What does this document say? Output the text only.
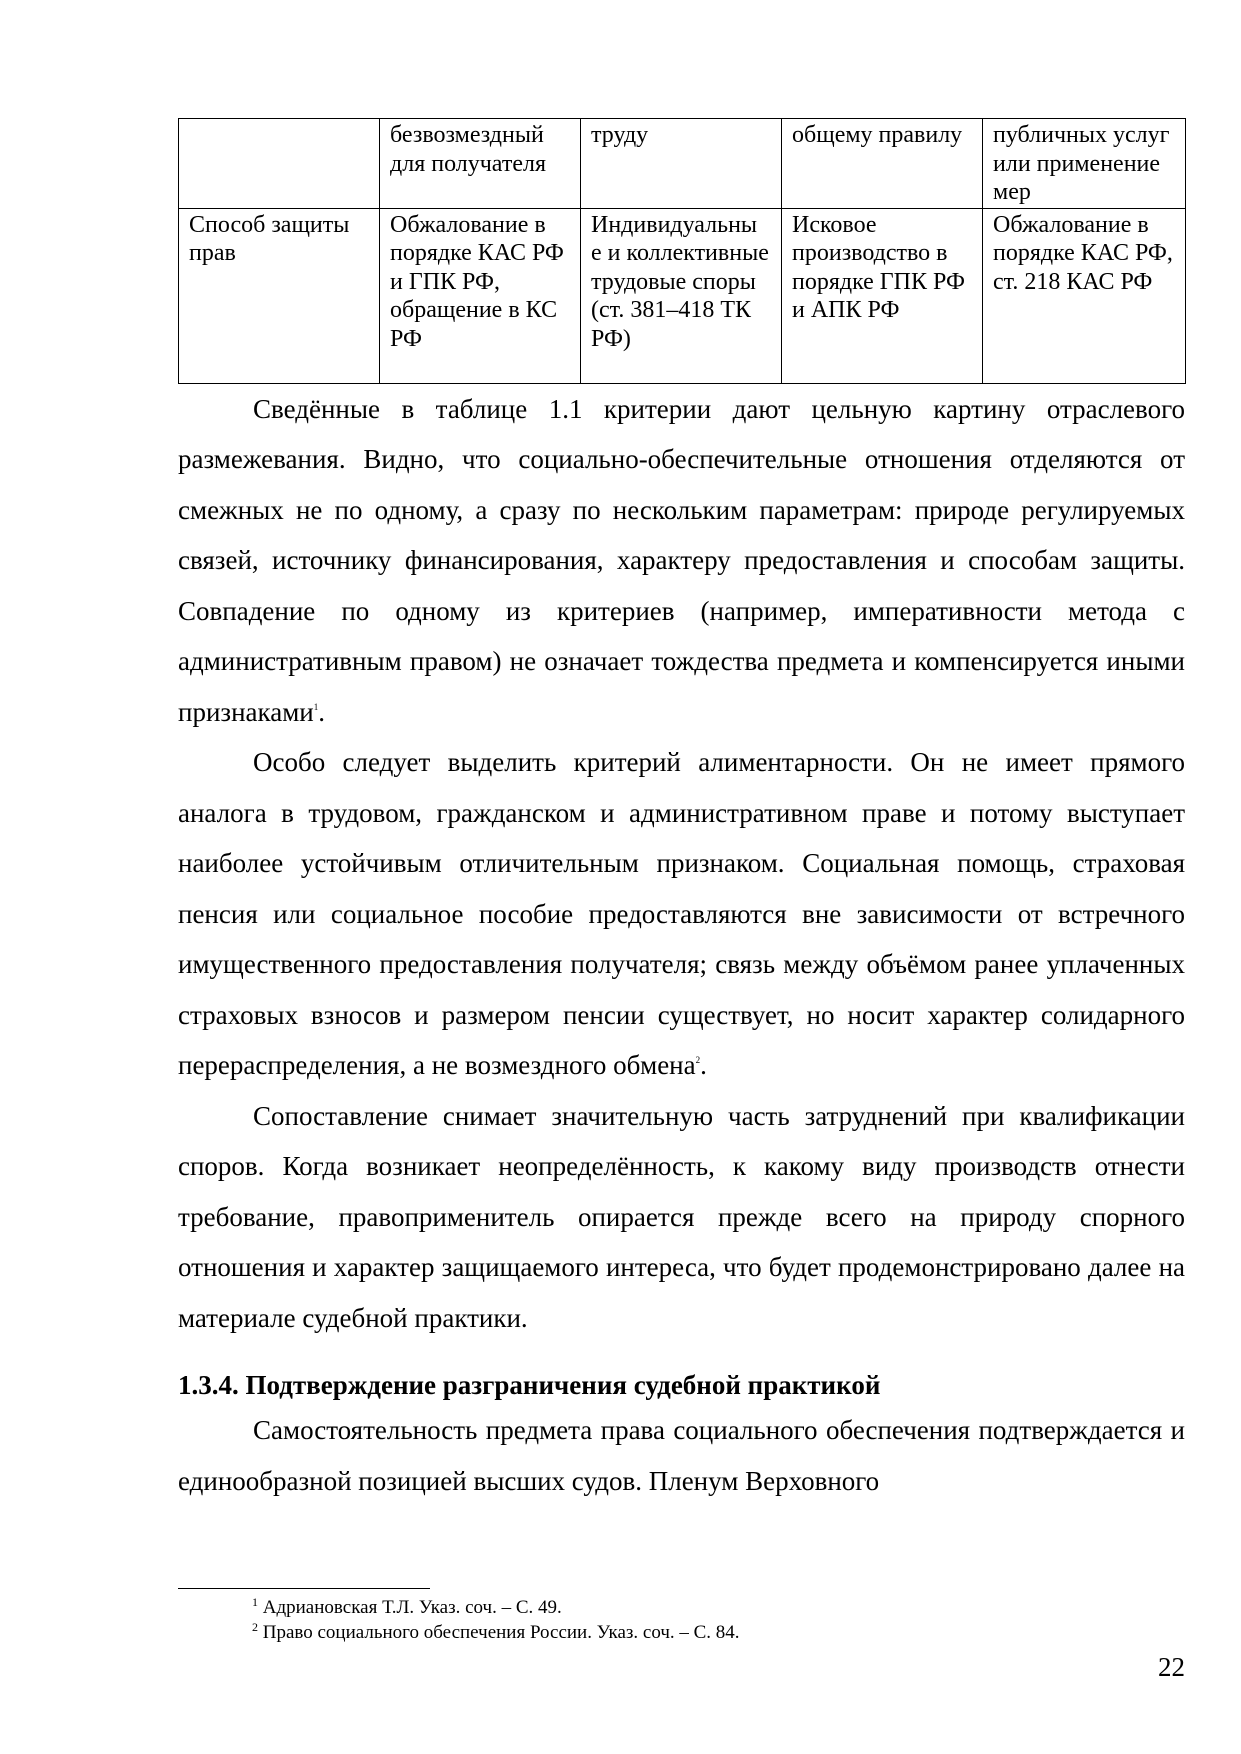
	безвозмездный для получателя	труду	общему правилу	публичных услуг или применение мер
Способ защиты прав	Обжалование в порядке КАС РФ и ГПК РФ, обращение в КС РФ	Индивидуальны е и коллективные трудовые споры (ст. 381–418 ТК РФ)	Исковое производство в порядке ГПК РФ и АПК РФ	Обжалование в порядке КАС РФ, ст. 218 КАС РФ

Сведённые в таблице 1.1 критерии дают цельную картину отраслевого размежевания. Видно, что социально-обеспечительные отношения отделяются от смежных не по одному, а сразу по нескольким параметрам: природе регулируемых связей, источнику финансирования, характеру предоставления и способам защиты. Совпадение по одному из критериев (например, императивности метода с административным правом) не означает тождества предмета и компенсируется иными признаками$^1$.

Особо следует выделить критерий алиментарности. Он не имеет прямого аналога в трудовом, гражданском и административном праве и потому выступает наиболее устойчивым отличительным признаком. Социальная помощь, страховая пенсия или социальное пособие предоставляются вне зависимости от встречного имущественного предоставления получателя; связь между объёмом ранее уплаченных страховых взносов и размером пенсии существует, но носит характер солидарного перераспределения, а не возмездного обмена$^2$.

Сопоставление снимает значительную часть затруднений при квалификации споров. Когда возникает неопределённость, к какому виду производств отнести требование, правоприменитель опирается прежде всего на природу спорного отношения и характер защищаемого интереса, что будет продемонстрировано далее на материале судебной практики.

1.3.4. Подтверждение разграничения судебной практикой

Самостоятельность предмета права социального обеспечения подтверждается и единообразной позицией высших судов. Пленум Верховного

$^1$ Адриановская Т.Л. Указ. соч. – С. 49.
$^2$ Право социального обеспечения России. Указ. соч. – С. 84.
22
